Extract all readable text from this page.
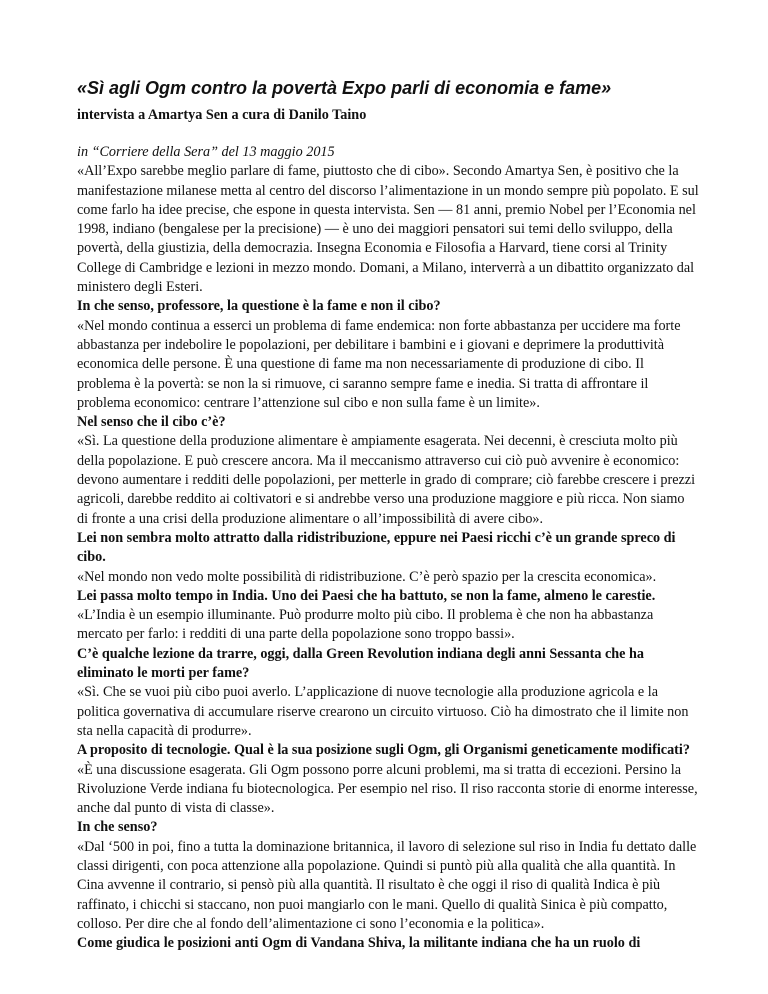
«Sì agli Ogm contro la povertà Expo parli di economia e fame»
intervista a Amartya Sen a cura di Danilo Taino
in “Corriere della Sera” del 13 maggio 2015

«All’Expo sarebbe meglio parlare di fame, piuttosto che di cibo». Secondo Amartya Sen, è positivo che la manifestazione milanese metta al centro del discorso l’alimentazione in un mondo sempre più popolato. E sul come farlo ha idee precise, che espone in questa intervista. Sen — 81 anni, premio Nobel per l’Economia nel 1998, indiano (bengalese per la precisione) — è uno dei maggiori pensatori sui temi dello sviluppo, della povertà, della giustizia, della democrazia. Insegna Economia e Filosofia a Harvard, tiene corsi al Trinity College di Cambridge e lezioni in mezzo mondo. Domani, a Milano, interverrà a un dibattito organizzato dal ministero degli Esteri.

In che senso, professore, la questione è la fame e non il cibo?

«Nel mondo continua a esserci un problema di fame endemica: non forte abbastanza per uccidere ma forte abbastanza per indebolire le popolazioni, per debilitare i bambini e i giovani e deprimere la produttività economica delle persone. È una questione di fame ma non necessariamente di produzione di cibo. Il problema è la povertà: se non la si rimuove, ci saranno sempre fame e inedia. Si tratta di affrontare il problema economico: centrare l’attenzione sul cibo e non sulla fame è un limite».

Nel senso che il cibo c’è?

«Sì. La questione della produzione alimentare è ampiamente esagerata. Nei decenni, è cresciuta molto più della popolazione. E può crescere ancora. Ma il meccanismo attraverso cui ciò può avvenire è economico: devono aumentare i redditi delle popolazioni, per metterle in grado di comprare; ciò farebbe crescere i prezzi agricoli, darebbe reddito ai coltivatori e si andrebbe verso una produzione maggiore e più ricca. Non siamo di fronte a una crisi della produzione alimentare o all’impossibilità di avere cibo».

Lei non sembra molto attratto dalla ridistribuzione, eppure nei Paesi ricchi c’è un grande spreco di cibo.

«Nel mondo non vedo molte possibilità di ridistribuzione. C’è però spazio per la crescita economica».

Lei passa molto tempo in India. Uno dei Paesi che ha battuto, se non la fame, almeno le carestie.

«L’India è un esempio illuminante. Può produrre molto più cibo. Il problema è che non ha abbastanza mercato per farlo: i redditi di una parte della popolazione sono troppo bassi».

C’è qualche lezione da trarre, oggi, dalla Green Revolution indiana degli anni Sessanta che ha eliminato le morti per fame?

«Sì. Che se vuoi più cibo puoi averlo. L’applicazione di nuove tecnologie alla produzione agricola e la politica governativa di accumulare riserve crearono un circuito virtuoso. Ciò ha dimostrato che il limite non sta nella capacità di produrre».

A proposito di tecnologie. Qual è la sua posizione sugli Ogm, gli Organismi geneticamente modificati?

«È una discussione esagerata. Gli Ogm possono porre alcuni problemi, ma si tratta di eccezioni. Persino la Rivoluzione Verde indiana fu biotecnologica. Per esempio nel riso. Il riso racconta storie di enorme interesse, anche dal punto di vista di classe».

In che senso?

«Dal ‘500 in poi, fino a tutta la dominazione britannica, il lavoro di selezione sul riso in India fu dettato dalle classi dirigenti, con poca attenzione alla popolazione. Quindi si puntò più alla qualità che alla quantità. In Cina avvenne il contrario, si pensò più alla quantità. Il risultato è che oggi il riso di qualità Indica è più raffinato, i chicchi si staccano, non puoi mangiarlo con le mani. Quello di qualità Sinica è più compatto, colloso. Per dire che al fondo dell’alimentazione ci sono l’economia e la politica».

Come giudica le posizioni anti Ogm di Vandana Shiva, la militante indiana che ha un ruolo di
